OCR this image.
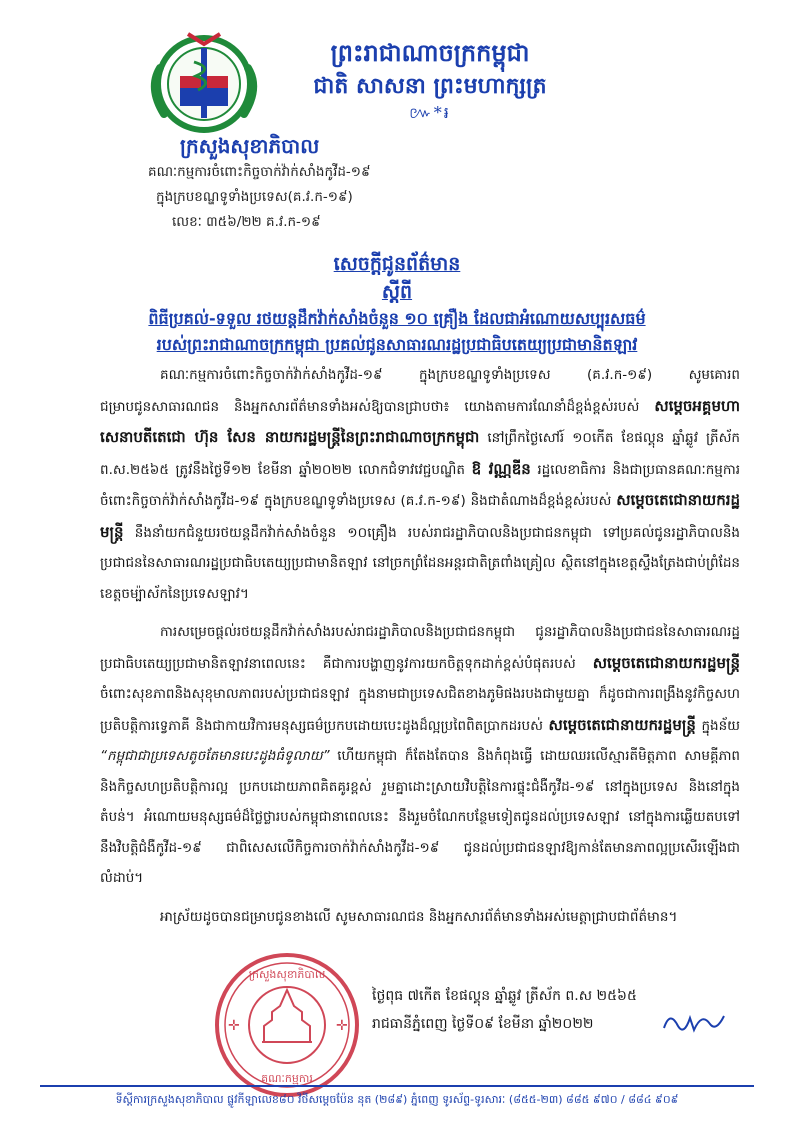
ព្រះរាជាណាចក្រកម្ពុជា
ជាតិ សាសនា ព្រះមហាក្សត្រ
៚*៛
ក្រសួងសុខាភិបាល
គណៈកម្មការចំពោះកិច្ចចាក់វ៉ាក់សាំងកូវីដ-១៩
ក្នុងក្របខណ្ឌទូទាំងប្រទេស(គ.វ.ក-១៩)
លេខៈ ៣៥៦/២២ គ.វ.ក-១៩
សេចក្ដីជូនព័ត៌មាន
ស្ដីពី
ពិធីប្រគល់-ទទួល រថយន្តដឹកវ៉ាក់សាំងចំនួន ១០ គ្រឿង ដែលជាអំណោយសប្បុរសធម៌
របស់ព្រះរាជាណាចក្រកម្ពុជា ប្រគល់ជូនសាធារណរដ្ឋប្រជាធិបតេយ្យប្រជាមានិតឡាវ

គណៈកម្មការចំពោះកិច្ចចាក់វ៉ាក់សាំងកូវីដ-១៩ ក្នុងក្របខណ្ឌទូទាំងប្រទេស (គ.វ.ក-១៩) សូមគោរពជម្រាបជូនសាធារណជន និងអ្នកសារព័ត៌មានទាំងអស់ឱ្យបានជ្រាបថា៖ យោងតាមការណែនាំដ៏ខ្ពង់ខ្ពស់របស់ សម្ដេចអគ្គមហាសេនាបតីតេជោ ហ៊ុន សែន នាយករដ្ឋមន្ត្រីនៃព្រះរាជាណាចក្រកម្ពុជា នៅព្រឹកថ្ងៃសៅរ៍ ១០កើត ខែផល្គុន ឆ្នាំឆ្លូវ ត្រីស័ក ព.ស.២៥៦៥ ត្រូវនឹងថ្ងៃទី១២ ខែមីនា ឆ្នាំ២០២២ លោកជំទាវវេជ្ជបណ្ឌិត ឱ វណ្ណឌីន រដ្ឋលេខាធិការ និងជាប្រធានគណៈកម្មការចំពោះកិច្ចចាក់វ៉ាក់សាំងកូវីដ-១៩ ក្នុងក្របខណ្ឌទូទាំងប្រទេស (គ.វ.ក-១៩) និងជាតំណាងដ៏ខ្ពង់ខ្ពស់របស់ សម្ដេចតេជោនាយករដ្ឋមន្ត្រី នឹងនាំយកជំនួយរថយន្តដឹកវ៉ាក់សាំងចំនួន ១០គ្រឿង របស់រាជរដ្ឋាភិបាលនិងប្រជាជនកម្ពុជា ទៅប្រគល់ជូនរដ្ឋាភិបាលនិងប្រជាជននៃសាធារណរដ្ឋប្រជាធិបតេយ្យប្រជាមានិតឡាវ នៅច្រកព្រំដែនអន្តរជាតិត្រពាំងគ្រៀល ស្ថិតនៅក្នុងខេត្តស្ទឹងត្រែងជាប់ព្រំដែនខេត្តចម្ប៉ាស័កនៃប្រទេសឡាវ។

ការសម្រេចផ្ដល់រថយន្តដឹកវ៉ាក់សាំងរបស់រាជរដ្ឋាភិបាលនិងប្រជាជនកម្ពុជា ជូនរដ្ឋាភិបាលនិងប្រជាជននៃសាធារណរដ្ឋប្រជាធិបតេយ្យប្រជាមានិតឡាវនាពេលនេះ គឺជាការបង្ហាញនូវការយកចិត្តទុកដាក់ខ្ពស់បំផុតរបស់ សម្ដេចតេជោនាយករដ្ឋមន្ត្រី ចំពោះសុខភាពនិងសុខុមាលភាពរបស់ប្រជាជនឡាវ ក្នុងនាមជាប្រទេសជិតខាងភូមិផងរបងជាមួយគ្នា ក៏ដូចជាការពង្រឹងនូវកិច្ចសហប្រតិបត្តិការទ្វេភាគី និងជាកាយវិការមនុស្សធម៌ប្រកបដោយបេះដូងដ៏ល្អប្រពៃពិតប្រាកដរបស់ សម្ដេចតេជោនាយករដ្ឋមន្ត្រី ក្នុងន័យ “កម្ពុជាជាប្រទេសតូចតែមានបេះដូងធំទូលាយ” ហើយកម្ពុជា ក៏តែងតែបាន និងកំពុងធ្វើ ដោយឈរលើស្មារតីមិត្តភាព សាមគ្គីភាពនិងកិច្ចសហប្រតិបត្តិការល្អ ប្រកបដោយភាពគិតគូរខ្ពស់ រួមគ្នាដោះស្រាយវិបត្តិនៃការផ្ទុះជំងឺកូវីដ-១៩ នៅក្នុងប្រទេស និងនៅក្នុងតំបន់។ អំណោយមនុស្សធម៌ដ៏ថ្លៃថ្លារបស់កម្ពុជានាពេលនេះ នឹងរួមចំណែកបន្ថែមទៀតជូនដល់ប្រទេសឡាវ នៅក្នុងការឆ្លើយតបទៅនឹងវិបត្តិជំងឺកូវីដ-១៩ ជាពិសេសលើកិច្ចការចាក់វ៉ាក់សាំងកូវីដ-១៩ ជូនដល់ប្រជាជនឡាវឱ្យកាន់តែមានភាពល្អប្រសើរឡើងជាលំដាប់។

អាស្រ័យដូចបានជម្រាបជូនខាងលើ សូមសាធារណជន និងអ្នកសារព័ត៌មានទាំងអស់មេត្តាជ្រាបជាព័ត៌មាន។

✛	✛
ក្រសួងសុខាភិបាល
គណៈកម្មការ
ថ្ងៃពុធ ៧កើត ខែផល្គុន ឆ្នាំឆ្លូវ ត្រីស័ក ព.ស ២៥៦៥
រាជធានីភ្នំពេញ ថ្ងៃទី០៩ ខែមីនា ឆ្នាំ២០២២
ទីស្ដីការក្រសួងសុខាភិបាល ផ្លូវកីឡាលេខ៨០ វិថីសម្ដេចប៉ែន នុត (២៨៩) ភ្នំពេញ ទូរស័ព្ទ-ទូរសារៈ (៨៥៥-២៣) ៨៨៥ ៩៧០ / ៨៨៤ ៩០៩
